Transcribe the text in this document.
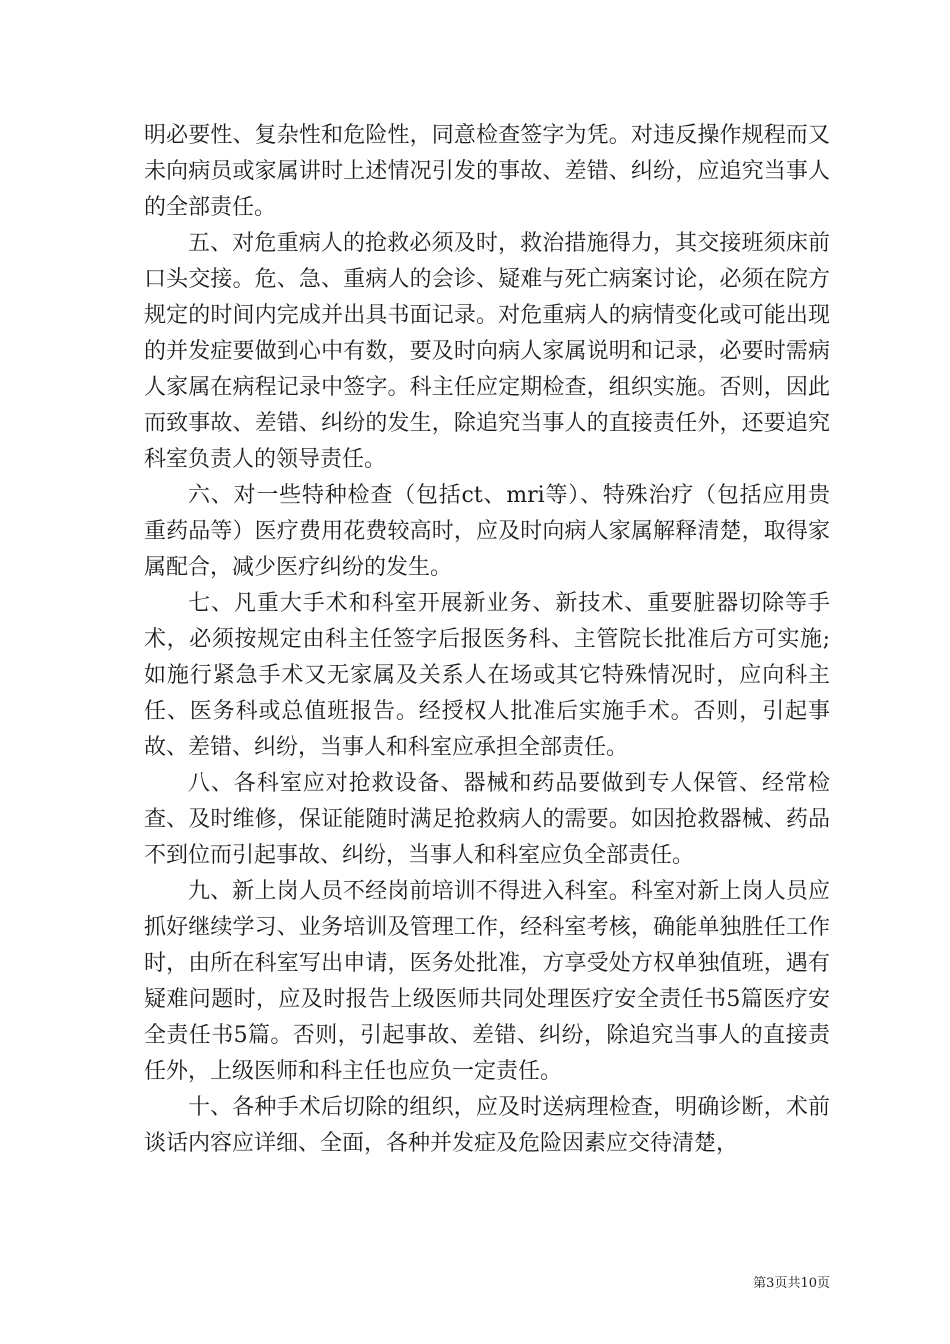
明必要性、复杂性和危险性，同意检查签字为凭。对违反操作规程而又未向病员或家属讲时上述情况引发的事故、差错、纠纷，应追究当事人的全部责任。

五、对危重病人的抢救必须及时，救治措施得力，其交接班须床前口头交接。危、急、重病人的会诊、疑难与死亡病案讨论，必须在院方规定的时间内完成并出具书面记录。对危重病人的病情变化或可能出现的并发症要做到心中有数，要及时向病人家属说明和记录，必要时需病人家属在病程记录中签字。科主任应定期检查，组织实施。否则，因此而致事故、差错、纠纷的发生，除追究当事人的直接责任外，还要追究科室负责人的领导责任。

六、对一些特种检查（包括ct、mri等）、特殊治疗（包括应用贵重药品等）医疗费用花费较高时，应及时向病人家属解释清楚，取得家属配合，减少医疗纠纷的发生。

七、凡重大手术和科室开展新业务、新技术、重要脏器切除等手术，必须按规定由科主任签字后报医务科、主管院长批准后方可实施;如施行紧急手术又无家属及关系人在场或其它特殊情况时，应向科主任、医务科或总值班报告。经授权人批准后实施手术。否则，引起事故、差错、纠纷，当事人和科室应承担全部责任。

八、各科室应对抢救设备、器械和药品要做到专人保管、经常检查、及时维修，保证能随时满足抢救病人的需要。如因抢救器械、药品不到位而引起事故、纠纷，当事人和科室应负全部责任。

九、新上岗人员不经岗前培训不得进入科室。科室对新上岗人员应抓好继续学习、业务培训及管理工作，经科室考核，确能单独胜任工作时，由所在科室写出申请，医务处批准，方享受处方权单独值班，遇有疑难问题时，应及时报告上级医师共同处理医疗安全责任书5篇医疗安全责任书5篇。否则，引起事故、差错、纠纷，除追究当事人的直接责任外，上级医师和科主任也应负一定责任。

十、各种手术后切除的组织，应及时送病理检查，明确诊断，术前谈话内容应详细、全面，各种并发症及危险因素应交待清楚，

第3页共10页
